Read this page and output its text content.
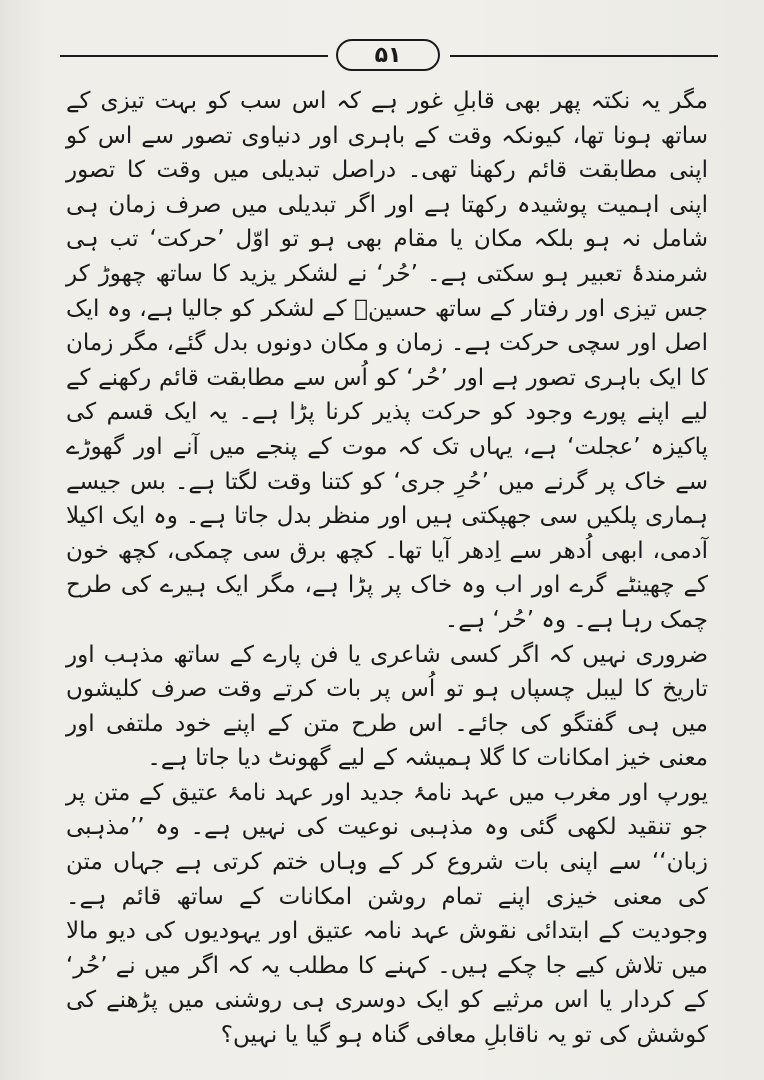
۵۱

مگر یہ نکتہ پھر بھی قابلِ غور ہے کہ اس سب کو بہت تیزی کے ساتھ ہونا تھا، کیونکہ وقت کے باہری اور دنیاوی تصور سے اس کو اپنی مطابقت قائم رکھنا تھی۔ دراصل تبدیلی میں وقت کا تصور اپنی اہمیت پوشیدہ رکھتا ہے اور اگر تبدیلی میں صرف زمان ہی شامل نہ ہو بلکہ مکان یا مقام بھی ہو تو اوّل ’حرکت‘ تب ہی شرمندۂ تعبیر ہو سکتی ہے۔ ’حُر‘ نے لشکر یزید کا ساتھ چھوڑ کر جس تیزی اور رفتار کے ساتھ حسینؑ کے لشکر کو جالیا ہے، وہ ایک اصل اور سچی حرکت ہے۔ زمان و مکان دونوں بدل گئے، مگر زمان کا ایک باہری تصور ہے اور ’حُر‘ کو اُس سے مطابقت قائم رکھنے کے لیے اپنے پورے وجود کو حرکت پذیر کرنا پڑا ہے۔ یہ ایک قسم کی پاکیزہ ’عجلت‘ ہے، یہاں تک کہ موت کے پنجے میں آنے اور گھوڑے سے خاک پر گرنے میں ’حُرِ جری‘ کو کتنا وقت لگتا ہے۔ بس جیسے ہماری پلکیں سی جھپکتی ہیں اور منظر بدل جاتا ہے۔ وہ ایک اکیلا آدمی، ابھی اُدھر سے اِدھر آیا تھا۔ کچھ برق سی چمکی، کچھ خون کے چھینٹے گرے اور اب وہ خاک پر پڑا ہے، مگر ایک ہیرے کی طرح چمک رہا ہے۔ وہ ’حُر‘ ہے۔

ضروری نہیں کہ اگر کسی شاعری یا فن پارے کے ساتھ مذہب اور تاریخ کا لیبل چسپاں ہو تو اُس پر بات کرتے وقت صرف کلیشوں میں ہی گفتگو کی جائے۔ اس طرح متن کے اپنے خود ملتفی اور معنی خیز امکانات کا گلا ہمیشہ کے لیے گھونٹ دیا جاتا ہے۔

یورپ اور مغرب میں عہد نامۂ جدید اور عہد نامۂ عتیق کے متن پر جو تنقید لکھی گئی وہ مذہبی نوعیت کی نہیں ہے۔ وہ ’’مذہبی زبان‘‘ سے اپنی بات شروع کر کے وہاں ختم کرتی ہے جہاں متن کی معنی خیزی اپنے تمام روشن امکانات کے ساتھ قائم ہے۔ وجودیت کے ابتدائی نقوش عہد نامہ عتیق اور یہودیوں کی دیو مالا میں تلاش کیے جا چکے ہیں۔ کہنے کا مطلب یہ کہ اگر میں نے ’حُر‘ کے کردار یا اس مرثیے کو ایک دوسری ہی روشنی میں پڑھنے کی کوشش کی تو یہ ناقابلِ معافی گناہ ہو گیا یا نہیں؟
